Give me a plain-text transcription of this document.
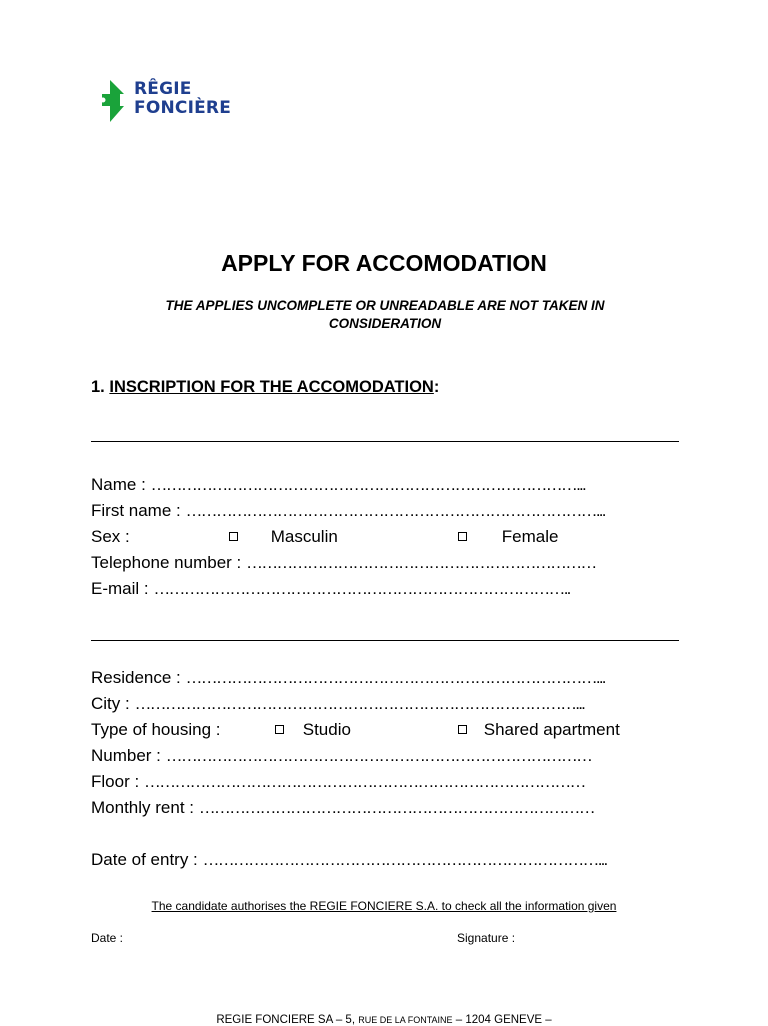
RÊGIE
FONCIÈRE
APPLY FOR ACCOMODATION
THE APPLIES UNCOMPLETE OR UNREADABLE ARE NOT TAKEN IN CONSIDERATION
1. INSCRIPTION FOR THE ACCOMODATION:
Name : …………………………………………………………………………...
First name : ………………………………………………………………………...
Sex :	Masculin	Female
Telephone number : ……………………………………………………………
E-mail : ………………………………………………………………………..
Residence : ………………………………………………………………………...
City : ……………………………………………………………………………...
Type of housing :	Studio	Shared apartment
Number : …………………………………………………………………………
Floor : ……………………………………………………………………………
Monthly rent : ……………………………………………………………………
Date of entry : ……………………………………………………………………...
The candidate authorises the REGIE FONCIERE S.A. to check all the information given
Date :	Signature :
REGIE FONCIERE SA – 5, RUE DE LA FONTAINE – 1204 GENEVE –
